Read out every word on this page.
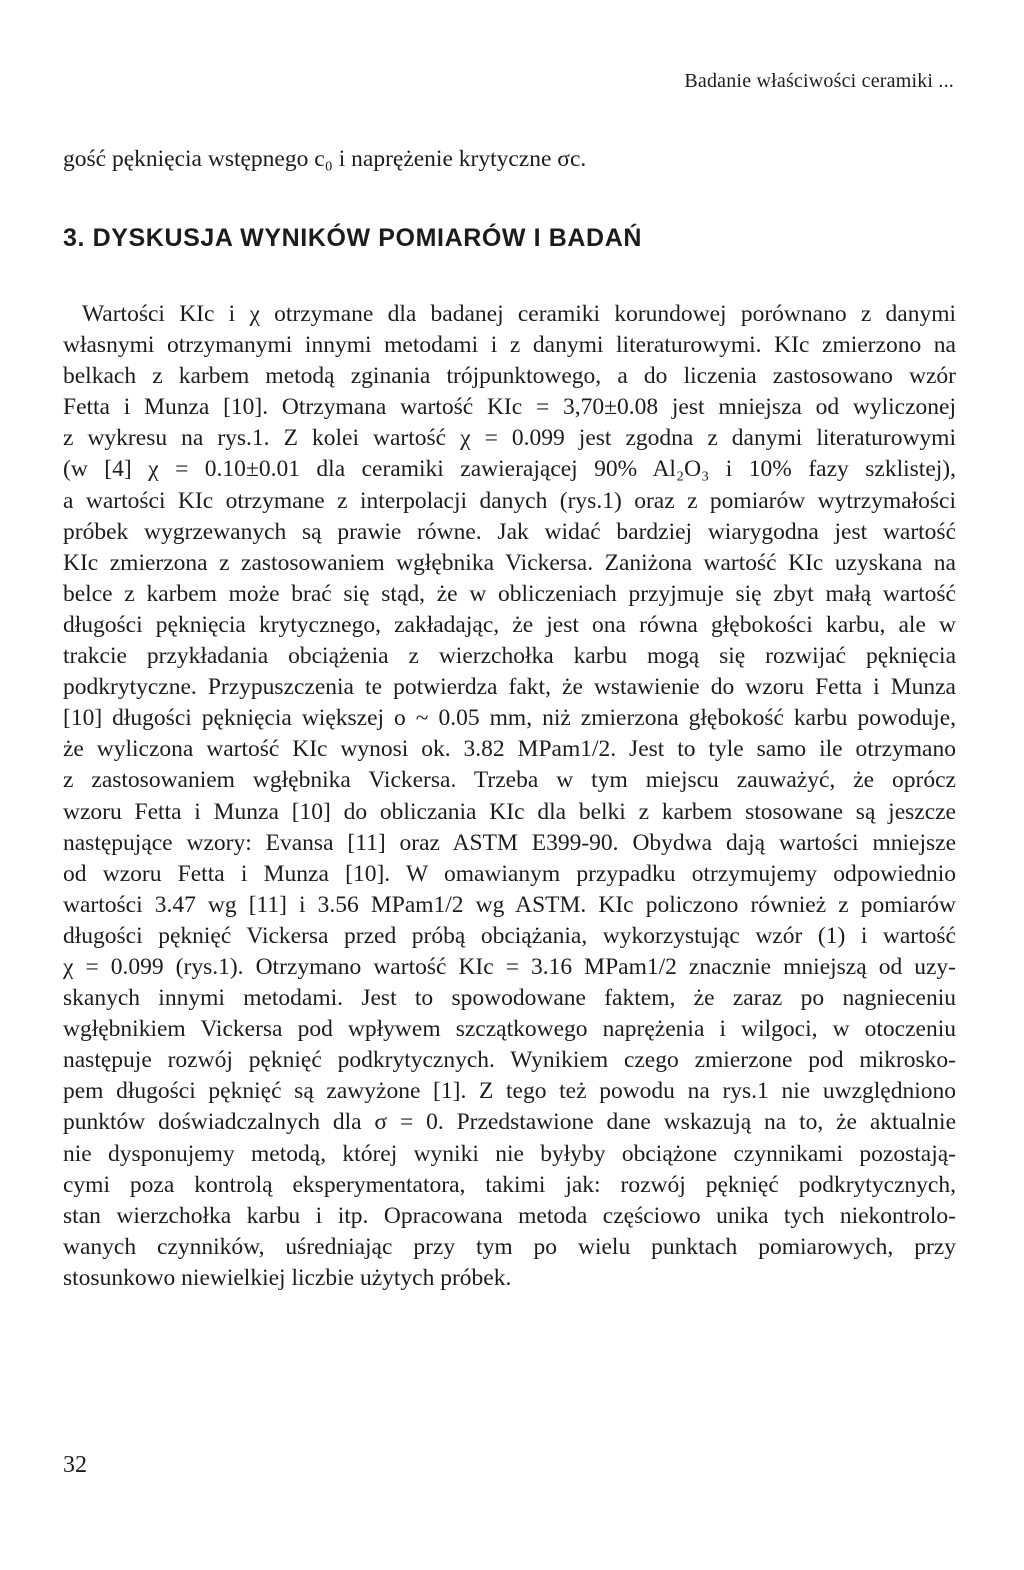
Badanie właściwości ceramiki ...
gość pęknięcia wstępnego c₀ i naprężenie krytyczne σc.
3. DYSKUSJA WYNIKÓW POMIARÓW I BADAŃ
Wartości KIc i χ otrzymane dla badanej ceramiki korundowej porównano z danymi
własnymi otrzymanymi innymi metodami i z danymi literaturowymi. KIc zmierzono na
belkach z karbem metodą zginania trójpunktowego, a do liczenia zastosowano wzór
Fetta i Munza [10]. Otrzymana wartość KIc = 3,70±0.08 jest mniejsza od wyliczonej
z wykresu na rys.1. Z kolei wartość χ = 0.099 jest zgodna z danymi literaturowymi
(w [4] χ = 0.10±0.01 dla ceramiki zawierającej 90% Al₂O₃ i 10% fazy szklistej),
a wartości KIc otrzymane z interpolacji danych (rys.1) oraz z pomiarów wytrzymałości
próbek wygrzewanych są prawie równe. Jak widać bardziej wiarygodna jest wartość
KIc zmierzona z zastosowaniem wgłębnika Vickersa. Zaniżona wartość KIc uzyskana na
belce z karbem może brać się stąd, że w obliczeniach przyjmuje się zbyt małą wartość
długości pęknięcia krytycznego, zakładając, że jest ona równa głębokości karbu, ale w
trakcie przykładania obciążenia z wierzchołka karbu mogą się rozwijać pęknięcia
podkrytyczne. Przypuszczenia te potwierdza fakt, że wstawienie do wzoru Fetta i Munza
[10] długości pęknięcia większej o ~ 0.05 mm, niż zmierzona głębokość karbu powoduje,
że wyliczona wartość KIc wynosi ok. 3.82 MPam1/2. Jest to tyle samo ile otrzymano
z zastosowaniem wgłębnika Vickersa. Trzeba w tym miejscu zauważyć, że oprócz
wzoru Fetta i Munza [10] do obliczania KIc dla belki z karbem stosowane są jeszcze
następujące wzory: Evansa [11] oraz ASTM E399-90. Obydwa dają wartości mniejsze
od wzoru Fetta i Munza [10]. W omawianym przypadku otrzymujemy odpowiednio
wartości 3.47 wg [11] i 3.56 MPam1/2 wg ASTM. KIc policzono również z pomiarów
długości pęknięć Vickersa przed próbą obciążania, wykorzystując wzór (1) i wartość
χ = 0.099 (rys.1). Otrzymano wartość KIc = 3.16 MPam1/2 znacznie mniejszą od uzy-
skanych innymi metodami. Jest to spowodowane faktem, że zaraz po nagnieceniu
wgłębnikiem Vickersa pod wpływem szczątkowego naprężenia i wilgoci, w otoczeniu
następuje rozwój pęknięć podkrytycznych. Wynikiem czego zmierzone pod mikrosko-
pem długości pęknięć są zawyżone [1]. Z tego też powodu na rys.1 nie uwzględniono
punktów doświadczalnych dla σ = 0. Przedstawione dane wskazują na to, że aktualnie
nie dysponujemy metodą, której wyniki nie byłyby obciążone czynnikami pozostają-
cymi poza kontrolą eksperymentatora, takimi jak: rozwój pęknięć podkrytycznych,
stan wierzchołka karbu i itp. Opracowana metoda częściowo unika tych niekontrolo-
wanych czynników, uśredniając przy tym po wielu punktach pomiarowych, przy
stosunkowo niewielkiej liczbie użytych próbek.
32
